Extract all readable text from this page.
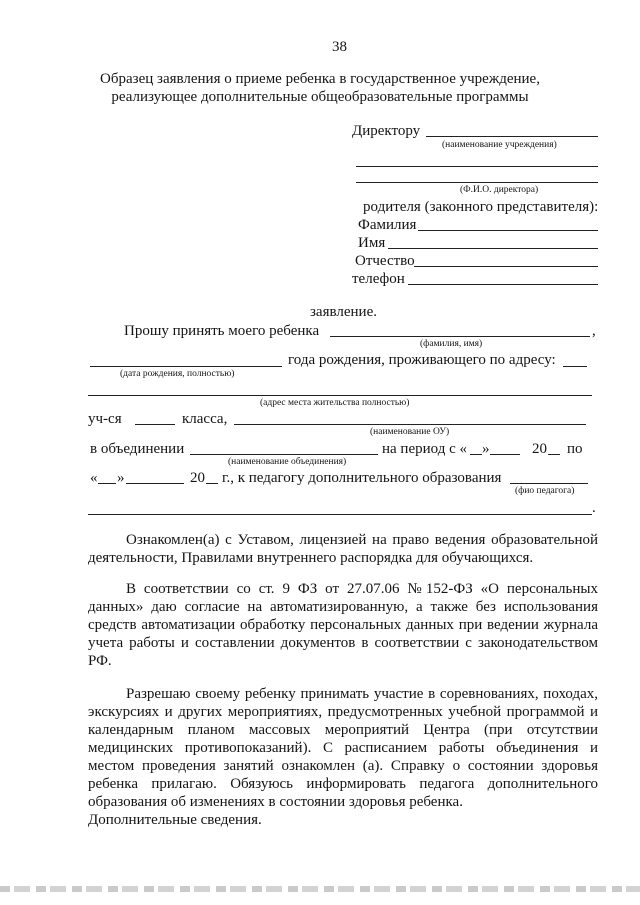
38
Образец заявления о приеме ребенка в государственное учреждение,
реализующее дополнительные общеобразовательные программы
Директору
(наименование учреждения)
(Ф.И.О. директора)
родителя (законного представителя):
Фамилия
Имя
Отчество
телефон
заявление.
Прошу принять моего ребенка	,
(фамилия, имя)
года рождения, проживающего по адресу:
(дата рождения, полностью)
(адрес места жительства полностью)
уч-ся	класса,
(наименование ОУ)
в объединении	на период с « »	20 по
(наименование объединения)
« »	20 г., к педагогу дополнительного образования
(фио педагога)
.
Ознакомлен(а) с Уставом, лицензией на право ведения образовательной
деятельности, Правилами внутреннего распорядка для обучающихся.
В соответствии со ст. 9 ФЗ от 27.07.06 №152-ФЗ «О персональных
данных» даю согласие на автоматизированную, а также без использования
средств автоматизации обработку персональных данных при ведении журнала
учета работы и составлении документов в соответствии с законодательством
РФ.
Разрешаю своему ребенку принимать участие в соревнованиях, походах,
экскурсиях и других мероприятиях, предусмотренных учебной программой и
календарным планом массовых мероприятий Центра (при отсутствии
медицинских противопоказаний). С расписанием работы объединения и
местом проведения занятий ознакомлен (а). Справку о состоянии здоровья
ребенка прилагаю. Обязуюсь информировать педагога дополнительного
образования об изменениях в состоянии здоровья ребенка.
Дополнительные сведения.
